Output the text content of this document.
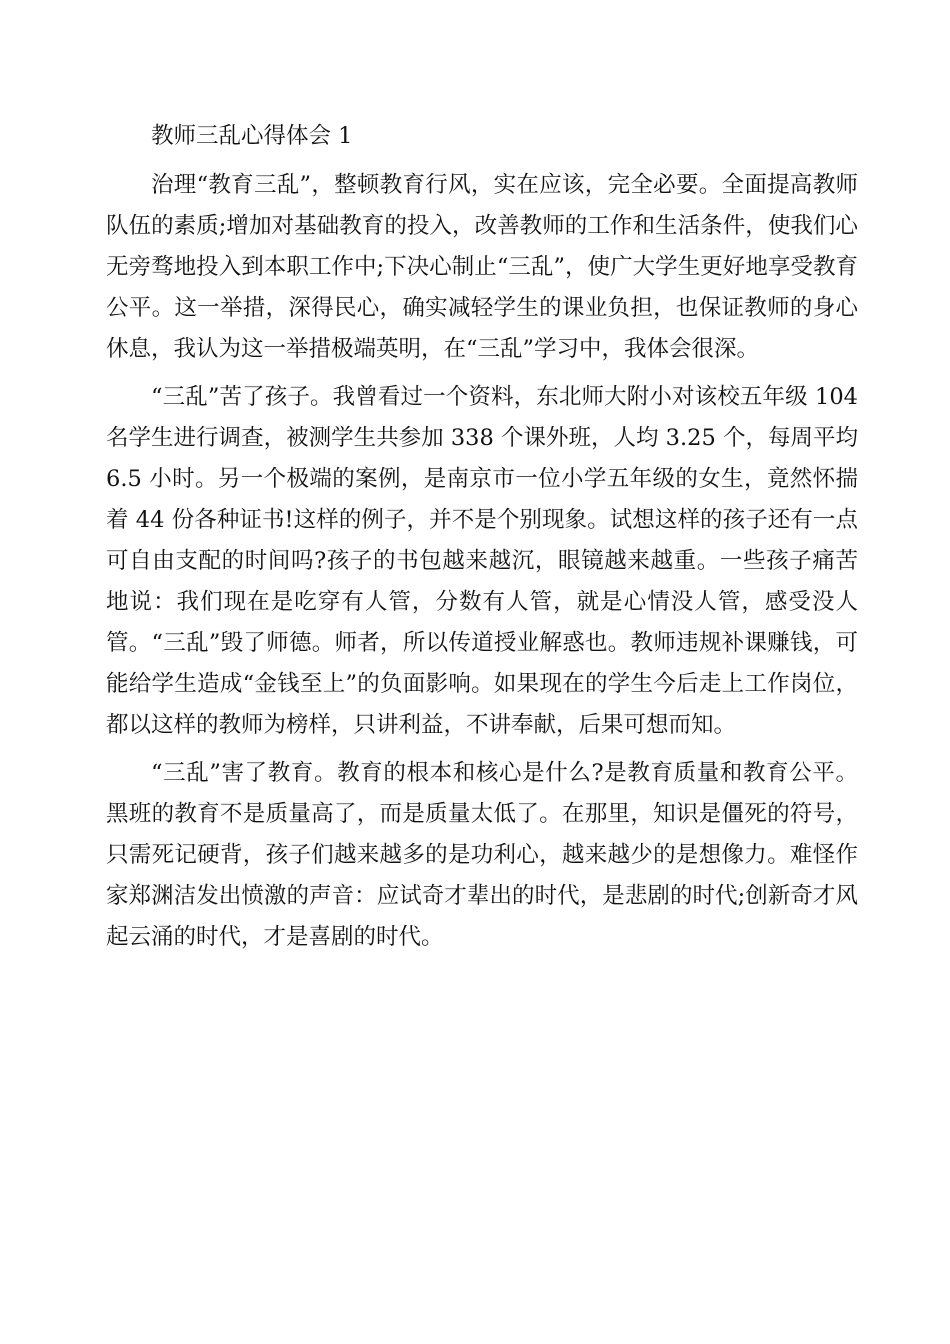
教师三乱心得体会 1

治理“教育三乱”，整顿教育行风，实在应该，完全必要。全面提高教师队伍的素质;增加对基础教育的投入，改善教师的工作和生活条件，使我们心无旁骛地投入到本职工作中;下决心制止“三乱”，使广大学生更好地享受教育公平。这一举措，深得民心，确实减轻学生的课业负担，也保证教师的身心休息，我认为这一举措极端英明，在“三乱”学习中，我体会很深。

“三乱”苦了孩子。我曾看过一个资料，东北师大附小对该校五年级 104 名学生进行调查，被测学生共参加 338 个课外班，人均 3.25 个，每周平均 6.5 小时。另一个极端的案例，是南京市一位小学五年级的女生，竟然怀揣着 44 份各种证书!这样的例子，并不是个别现象。试想这样的孩子还有一点可自由支配的时间吗?孩子的书包越来越沉，眼镜越来越重。一些孩子痛苦地说：我们现在是吃穿有人管，分数有人管，就是心情没人管，感受没人管。“三乱”毁了师德。师者，所以传道授业解惑也。教师违规补课赚钱，可能给学生造成“金钱至上”的负面影响。如果现在的学生今后走上工作岗位，都以这样的教师为榜样，只讲利益，不讲奉献，后果可想而知。

“三乱”害了教育。教育的根本和核心是什么?是教育质量和教育公平。黑班的教育不是质量高了，而是质量太低了。在那里，知识是僵死的符号，只需死记硬背，孩子们越来越多的是功利心，越来越少的是想像力。难怪作家郑渊洁发出愤激的声音：应试奇才辈出的时代，是悲剧的时代;创新奇才风起云涌的时代，才是喜剧的时代。
